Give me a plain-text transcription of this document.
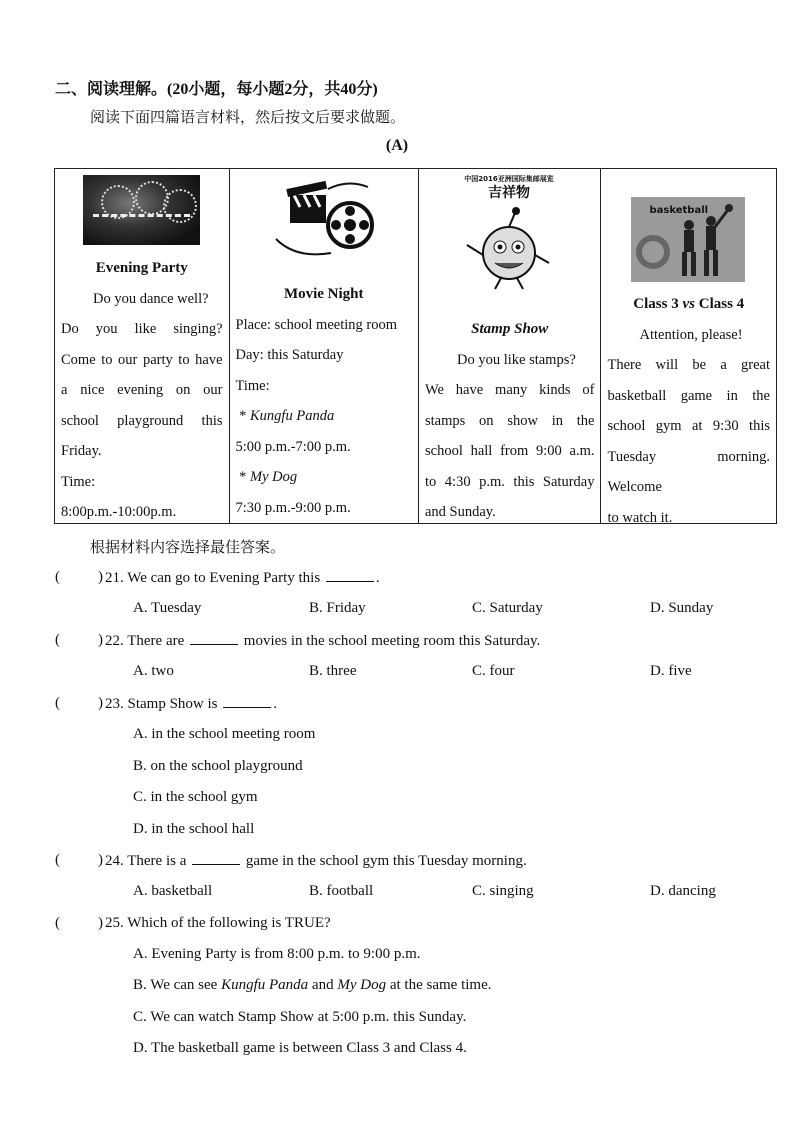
二、阅读理解。(20小题，每小题2分，共40分)
阅读下面四篇语言材料，然后按文后要求做题。
(A)
Evening Party
Do you dance well?
Do you like singing?
Come to our party to have
a nice evening on our
school playground this
Friday.
Time:
8:00p.m.-10:00p.m.
Movie Night
Place: school meeting room
Day: this Saturday
Time:
* Kungfu Panda
5:00 p.m.-7:00 p.m.
* My Dog
7:30 p.m.-9:00 p.m.
中国2016亚洲国际集邮展览
吉祥物
Stamp Show
Do you like stamps?
We have many kinds of
stamps on show in the
school hall from 9:00 a.m.
to 4:30 p.m. this Saturday
and Sunday.
basketball
Class 3 vs Class 4
Attention, please!
There will be a great
basketball game in the
school gym at 9:30 this
Tuesday morning. Welcome
to watch it.
根据材料内容选择最佳答案。
(	) 21. We can go to Evening Party this	.
A. Tuesday	B. Friday	C. Saturday	D. Sunday
(	) 22. There are	movies in the school meeting room this Saturday.
A. two	B. three	C. four	D. five
(	) 23. Stamp Show is	.
A. in the school meeting room
B. on the school playground
C. in the school gym
D. in the school hall
(	) 24. There is a	game in the school gym this Tuesday morning.
A. basketball	B. football	C. singing	D. dancing
(	) 25. Which of the following is TRUE?
A. Evening Party is from 8:00 p.m. to 9:00 p.m.
B. We can see Kungfu Panda and My Dog at the same time.
C. We can watch Stamp Show at 5:00 p.m. this Sunday.
D. The basketball game is between Class 3 and Class 4.
